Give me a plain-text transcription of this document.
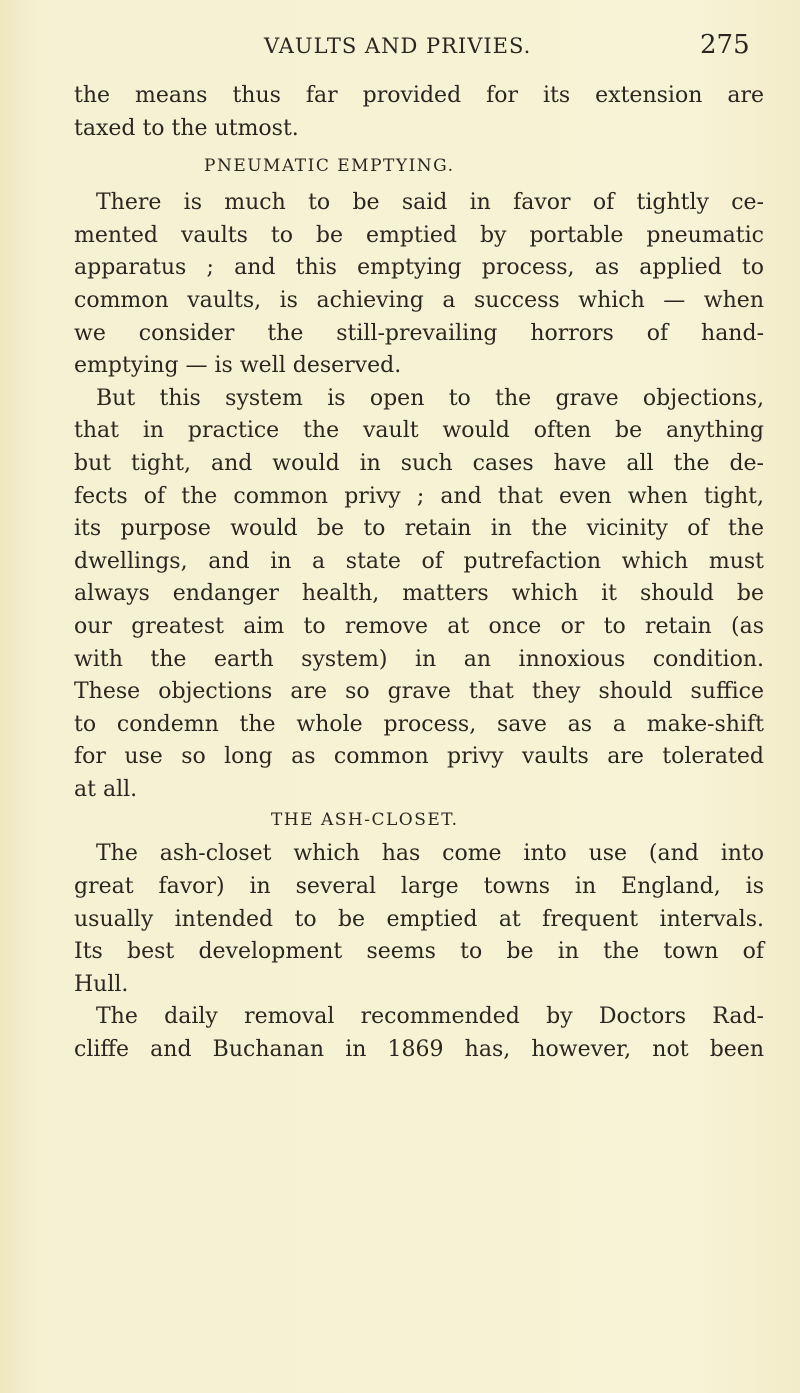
VAULTS AND PRIVIES.	275
the means thus far provided for its extension are
taxed to the utmost.
PNEUMATIC EMPTYING.
There is much to be said in favor of tightly ce-
mented vaults to be emptied by portable pneumatic
apparatus ; and this emptying process, as applied to
common vaults, is achieving a success which — when
we consider the still-prevailing horrors of hand-
emptying — is well deserved.
But this system is open to the grave objections,
that in practice the vault would often be anything
but tight, and would in such cases have all the de-
fects of the common privy ; and that even when tight,
its purpose would be to retain in the vicinity of the
dwellings, and in a state of putrefaction which must
always endanger health, matters which it should be
our greatest aim to remove at once or to retain (as
with the earth system) in an innoxious condition.
These objections are so grave that they should suffice
to condemn the whole process, save as a make-shift
for use so long as common privy vaults are tolerated
at all.
THE ASH-CLOSET.
The ash-closet which has come into use (and into
great favor) in several large towns in England, is
usually intended to be emptied at frequent intervals.
Its best development seems to be in the town of
Hull.
The daily removal recommended by Doctors Rad-
cliffe and Buchanan in 1869 has, however, not been
